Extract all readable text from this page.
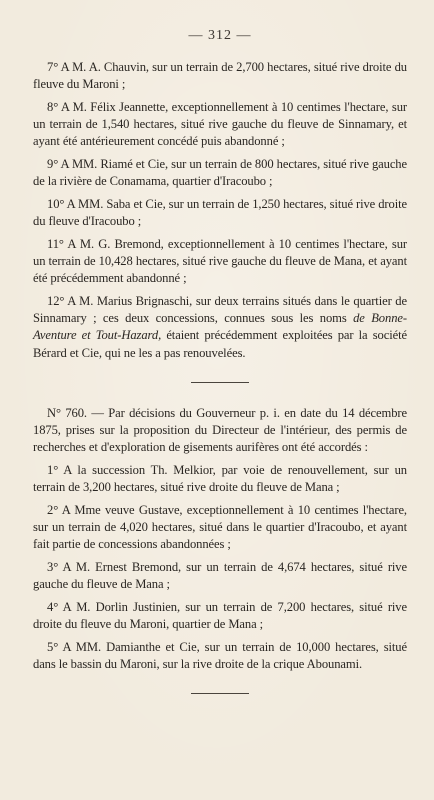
— 312 —

7° A M. A. Chauvin, sur un terrain de 2,700 hectares, situé rive droite du fleuve du Maroni ;

8° A M. Félix Jeannette, exceptionnellement à 10 centimes l'hectare, sur un terrain de 1,540 hectares, situé rive gauche du fleuve de Sinnamary, et ayant été antérieurement concédé puis abandonné ;

9° A MM. Riamé et Cie, sur un terrain de 800 hectares, situé rive gauche de la rivière de Conamama, quartier d'Iracoubo ;

10° A MM. Saba et Cie, sur un terrain de 1,250 hectares, situé rive droite du fleuve d'Iracoubo ;

11° A M. G. Bremond, exceptionnellement à 10 centimes l'hectare, sur un terrain de 10,428 hectares, situé rive gauche du fleuve de Mana, et ayant été précédemment abandonné ;

12° A M. Marius Brignaschi, sur deux terrains situés dans le quartier de Sinnamary ; ces deux concessions, connues sous les noms de Bonne-Aventure et Tout-Hazard, étaient précédemment exploitées par la société Bérard et Cie, qui ne les a pas renouvelées.

N° 760. — Par décisions du Gouverneur p. i. en date du 14 décembre 1875, prises sur la proposition du Directeur de l'intérieur, des permis de recherches et d'exploration de gisements aurifères ont été accordés :

1° A la succession Th. Melkior, par voie de renouvellement, sur un terrain de 3,200 hectares, situé rive droite du fleuve de Mana ;

2° A Mme veuve Gustave, exceptionnellement à 10 centimes l'hectare, sur un terrain de 4,020 hectares, situé dans le quartier d'Iracoubo, et ayant fait partie de concessions abandonnées ;

3° A M. Ernest Bremond, sur un terrain de 4,674 hectares, situé rive gauche du fleuve de Mana ;

4° A M. Dorlin Justinien, sur un terrain de 7,200 hectares, situé rive droite du fleuve du Maroni, quartier de Mana ;

5° A MM. Damianthe et Cie, sur un terrain de 10,000 hectares, situé dans le bassin du Maroni, sur la rive droite de la crique Abounami.
